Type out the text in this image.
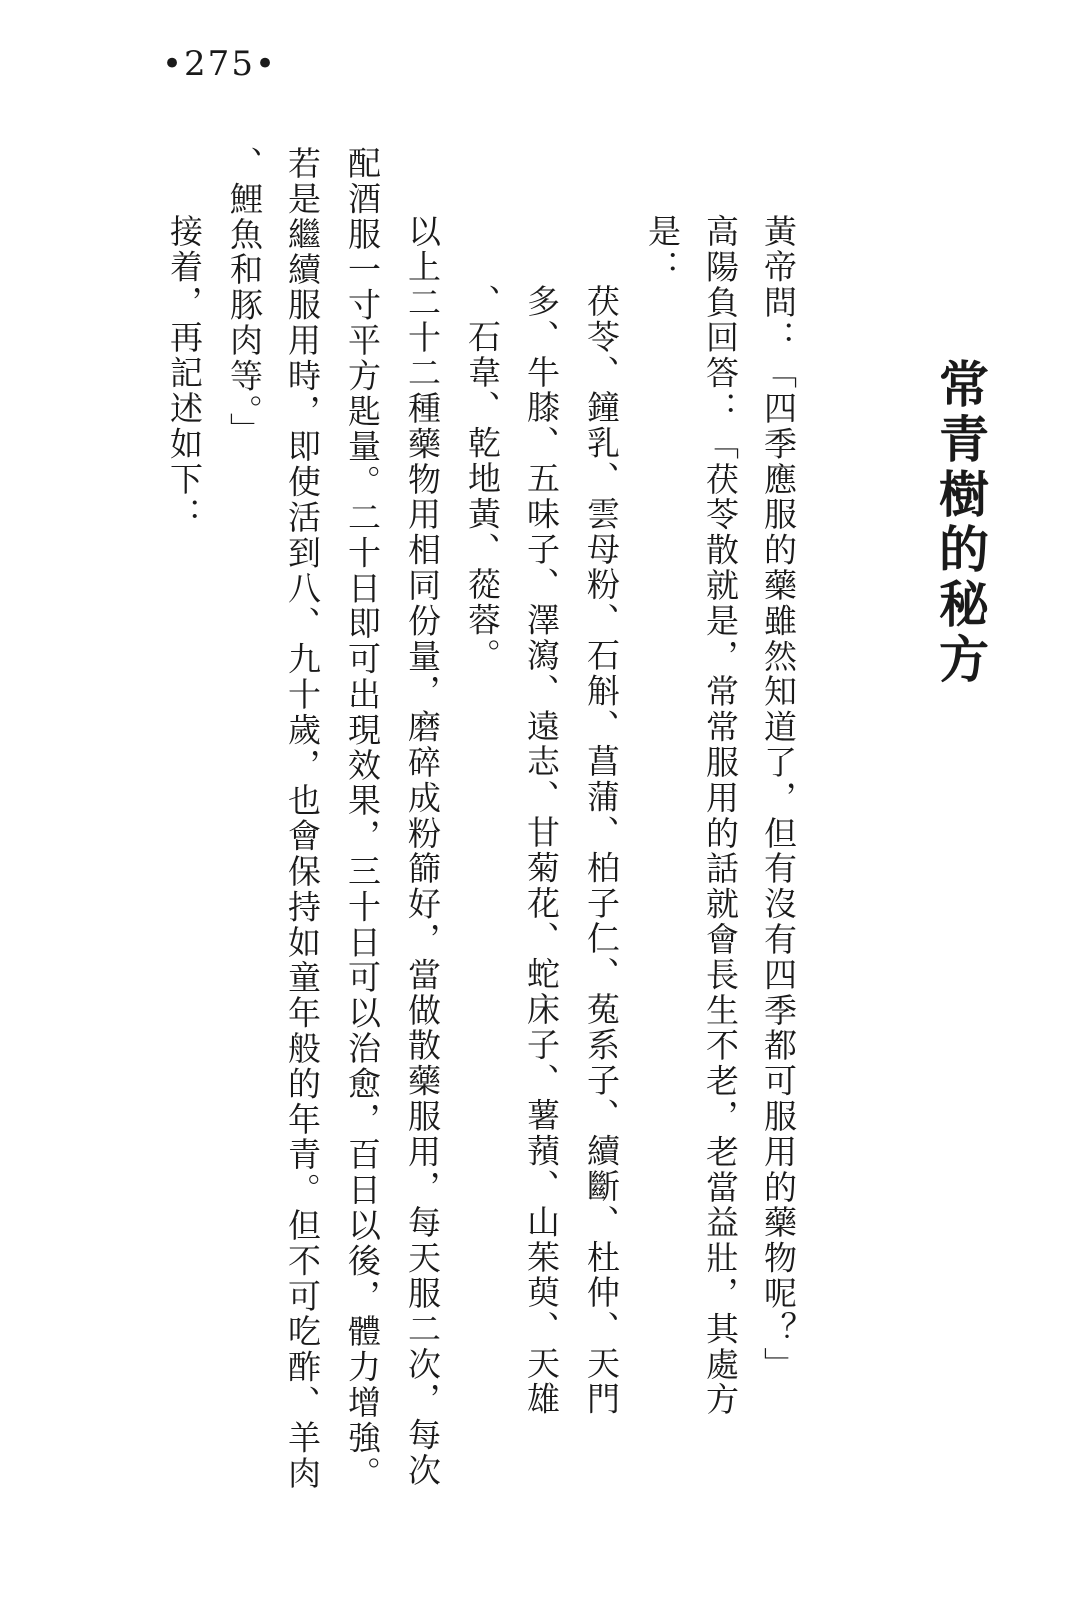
•275•
常青樹的秘方
黃帝問：「四季應服的藥雖然知道了，但有沒有四季都可服用的藥物呢？」
高陽負回答：「茯苓散就是，常常服用的話就會長生不老，老當益壯，其處方
是：
茯苓、鐘乳、雲母粉、石斛、菖蒲、柏子仁、菟系子、續斷、杜仲、天門
多、牛膝、五味子、澤瀉、遠志、甘菊花、蛇床子、薯蕷、山茱萸、天雄
、石韋、乾地黃、蓯蓉。
以上二十二種藥物用相同份量，磨碎成粉篩好，當做散藥服用，每天服二次，每次
配酒服一寸平方匙量。二十日即可出現效果，三十日可以治愈，百日以後，體力增強。
若是繼續服用時，即使活到八、九十歲，也會保持如童年般的年青。但不可吃酢、羊肉
、鯉魚和豚肉等。」
接着，再記述如下：
